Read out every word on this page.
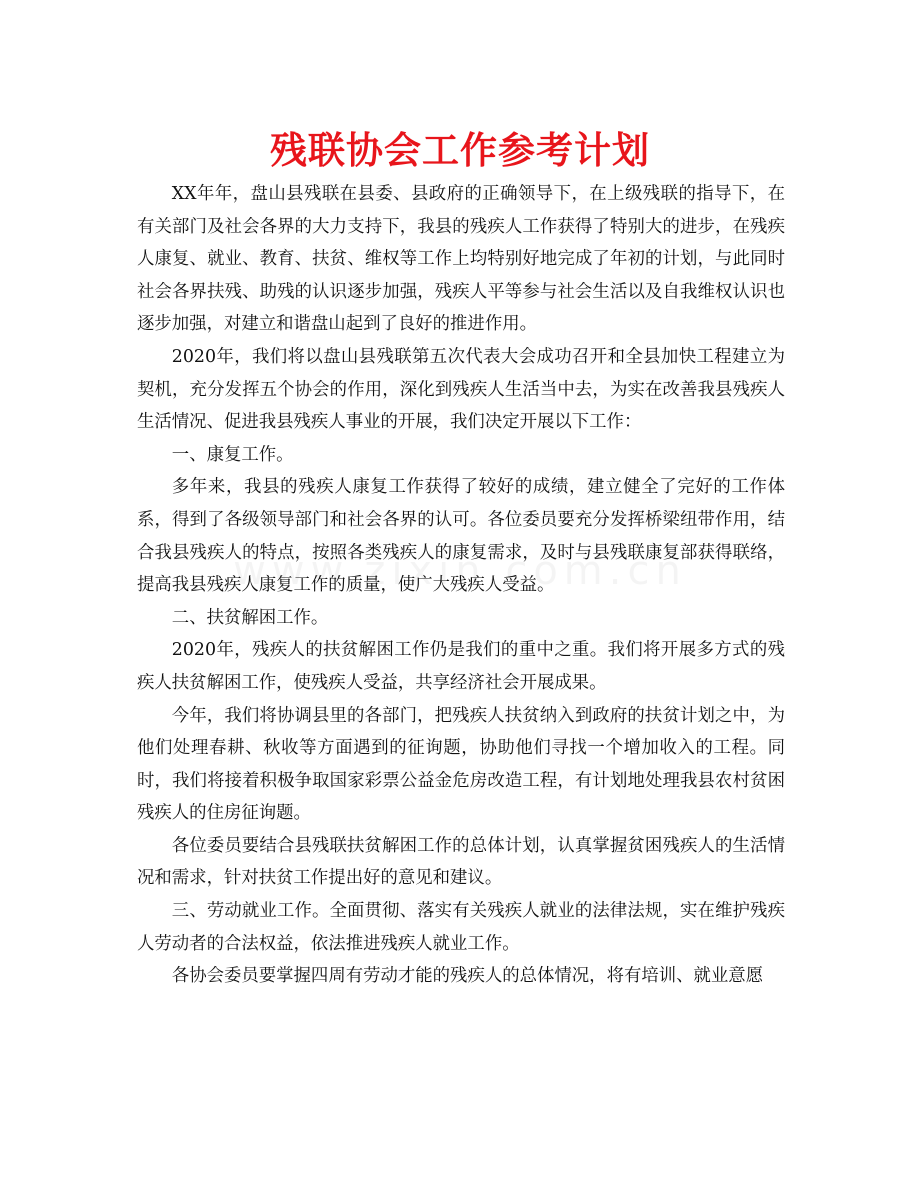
残联协会工作参考计划

XX年年，盘山县残联在县委、县政府的正确领导下，在上级残联的指导下，在有关部门及社会各界的大力支持下，我县的残疾人工作获得了特别大的进步，在残疾人康复、就业、教育、扶贫、维权等工作上均特别好地完成了年初的计划，与此同时社会各界扶残、助残的认识逐步加强，残疾人平等参与社会生活以及自我维权认识也逐步加强，对建立和谐盘山起到了良好的推进作用。

2020年，我们将以盘山县残联第五次代表大会成功召开和全县加快工程建立为契机，充分发挥五个协会的作用，深化到残疾人生活当中去，为实在改善我县残疾人生活情况、促进我县残疾人事业的开展，我们决定开展以下工作：

一、康复工作。

多年来，我县的残疾人康复工作获得了较好的成绩，建立健全了完好的工作体系，得到了各级领导部门和社会各界的认可。各位委员要充分发挥桥梁纽带作用，结合我县残疾人的特点，按照各类残疾人的康复需求，及时与县残联康复部获得联络，提高我县残疾人康复工作的质量，使广大残疾人受益。

二、扶贫解困工作。

2020年，残疾人的扶贫解困工作仍是我们的重中之重。我们将开展多方式的残疾人扶贫解困工作，使残疾人受益，共享经济社会开展成果。

今年，我们将协调县里的各部门，把残疾人扶贫纳入到政府的扶贫计划之中，为他们处理春耕、秋收等方面遇到的征询题，协助他们寻找一个增加收入的工程。同时，我们将接着积极争取国家彩票公益金危房改造工程，有计划地处理我县农村贫困残疾人的住房征询题。

各位委员要结合县残联扶贫解困工作的总体计划，认真掌握贫困残疾人的生活情况和需求，针对扶贫工作提出好的意见和建议。

三、劳动就业工作。全面贯彻、落实有关残疾人就业的法律法规，实在维护残疾人劳动者的合法权益，依法推进残疾人就业工作。

各协会委员要掌握四周有劳动才能的残疾人的总体情况，将有培训、就业意愿
